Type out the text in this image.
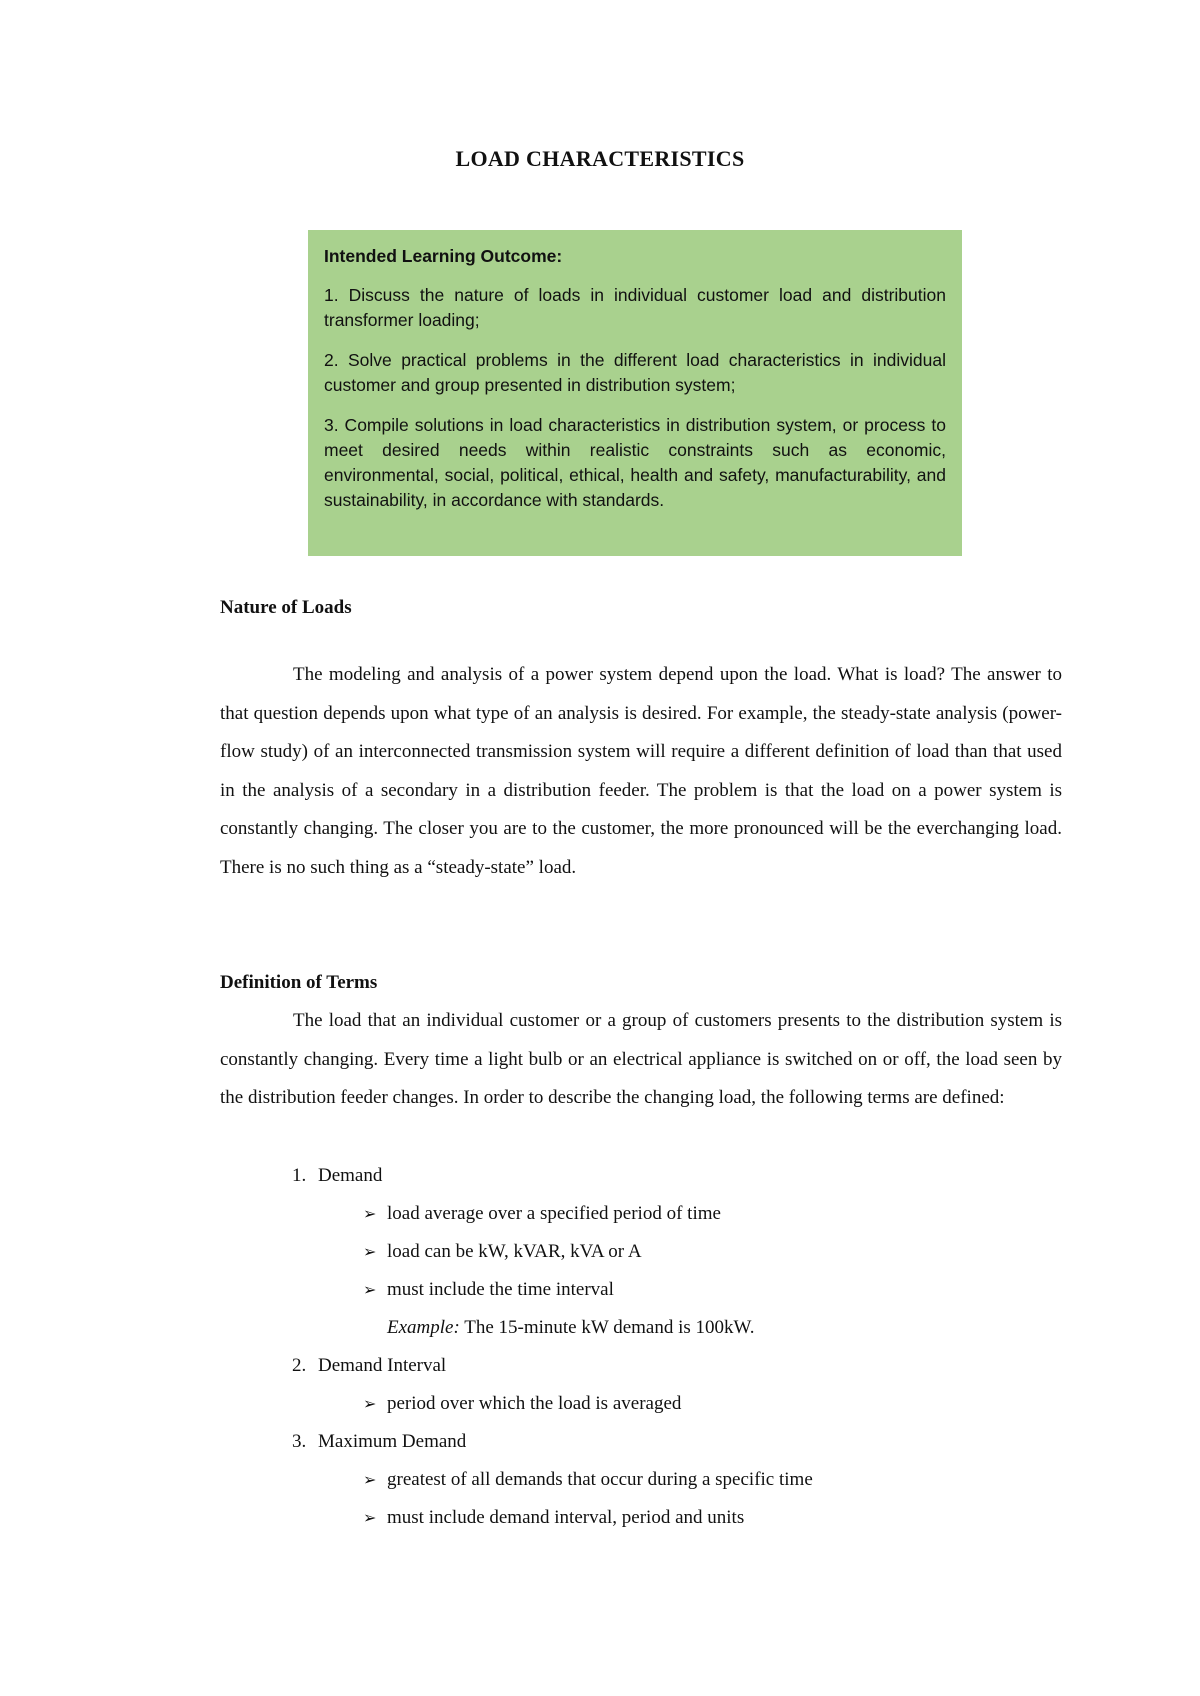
LOAD CHARACTERISTICS
Intended Learning Outcome:
1. Discuss the nature of loads in individual customer load and distribution transformer loading;
2. Solve practical problems in the different load characteristics in individual customer and group presented in distribution system;
3. Compile solutions in load characteristics in distribution system, or process to meet desired needs within realistic constraints such as economic, environmental, social, political, ethical, health and safety, manufacturability, and sustainability, in accordance with standards.
Nature of Loads

The modeling and analysis of a power system depend upon the load. What is load? The answer to that question depends upon what type of an analysis is desired. For example, the steady-state analysis (power-flow study) of an interconnected transmission system will require a different definition of load than that used in the analysis of a secondary in a distribution feeder. The problem is that the load on a power system is constantly changing. The closer you are to the customer, the more pronounced will be the everchanging load. There is no such thing as a “steady-state” load.

Definition of Terms

The load that an individual customer or a group of customers presents to the distribution system is constantly changing. Every time a light bulb or an electrical appliance is switched on or off, the load seen by the distribution feeder changes. In order to describe the changing load, the following terms are defined:

1. Demand
➢ load average over a specified period of time
➢ load can be kW, kVAR, kVA or A
➢ must include the time interval
Example: The 15-minute kW demand is 100kW.
2. Demand Interval
➢ period over which the load is averaged
3. Maximum Demand
➢ greatest of all demands that occur during a specific time
➢ must include demand interval, period and units
